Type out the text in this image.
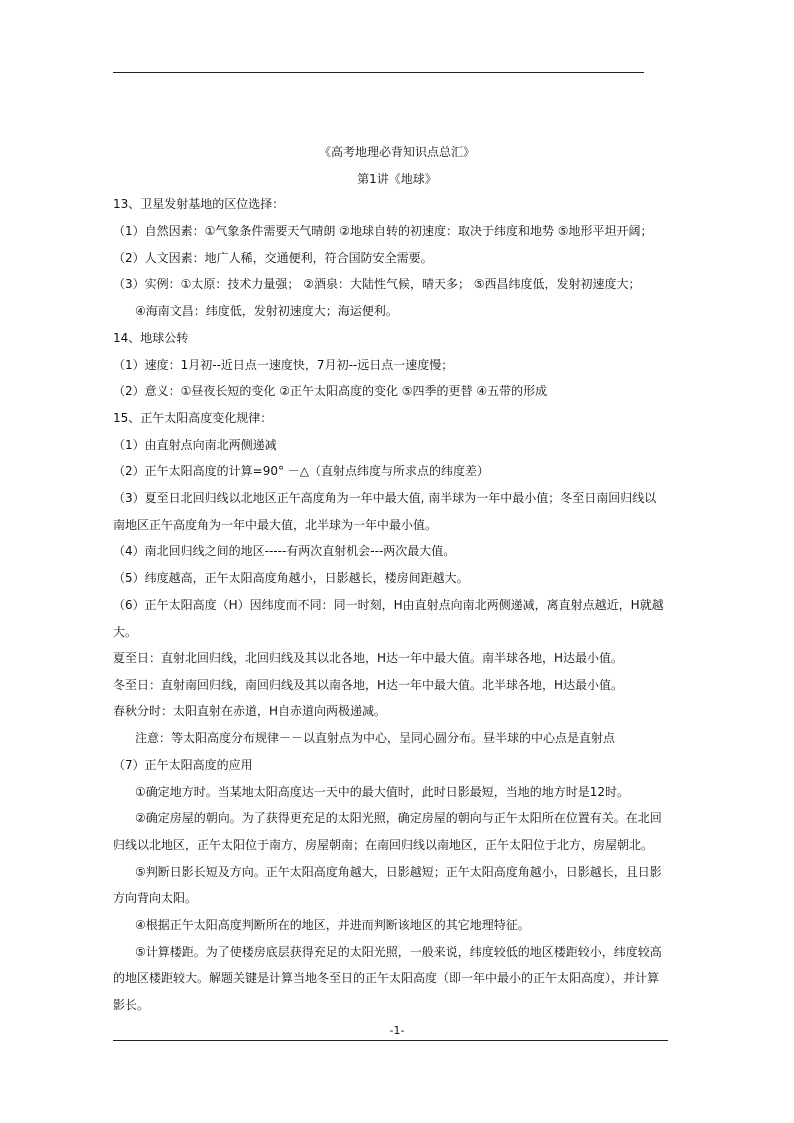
《高考地理必背知识点总汇》
第1讲《地球》
13、卫星发射基地的区位选择：
（1）自然因素：①气象条件需要天气晴朗 ②地球自转的初速度：取决于纬度和地势 ⑤地形平坦开阔；
（2）人文因素：地广人稀，交通便利，符合国防安全需要。
（3）实例：①太原：技术力量强； ②酒泉：大陆性气候，晴天多； ⑤西昌纬度低，发射初速度大；
④海南文昌：纬度低，发射初速度大；海运便利。
14、地球公转
（1）速度：1月初--近日点一速度快，7月初--远日点一速度慢；
（2）意义：①昼夜长短的变化 ②正午太阳高度的变化 ⑤四季的更替 ④五带的形成
15、正午太阳高度变化规律：
（1）由直射点向南北两侧递减
（2）正午太阳高度的计算=90° －△（直射点纬度与所求点的纬度差）
（3）夏至日北回归线以北地区正午高度角为一年中最大值, 南半球为一年中最小值；冬至日南回归线以
南地区正午高度角为一年中最大值，北半球为一年中最小值。
（4）南北回归线之间的地区-----有两次直射机会---两次最大值。
（5）纬度越高，正午太阳高度角越小，日影越长，楼房间距越大。
（6）正午太阳高度（H）因纬度而不同：同一时刻，H由直射点向南北两侧递减，离直射点越近，H就越
大。
夏至日：直射北回归线，北回归线及其以北各地，H达一年中最大值。南半球各地，H达最小值。
冬至日：直射南回归线，南回归线及其以南各地，H达一年中最大值。北半球各地，H达最小值。
春秋分时：太阳直射在赤道，H自赤道向两极递减。
注意：等太阳高度分布规律－－以直射点为中心，呈同心圆分布。昼半球的中心点是直射点
（7）正午太阳高度的应用
①确定地方时。当某地太阳高度达一天中的最大值时，此时日影最短，当地的地方时是12时。
②确定房屋的朝向。为了获得更充足的太阳光照，确定房屋的朝向与正午太阳所在位置有关。在北回
归线以北地区，正午太阳位于南方，房屋朝南；在南回归线以南地区，正午太阳位于北方，房屋朝北。
⑤判断日影长短及方向。正午太阳高度角越大，日影越短；正午太阳高度角越小，日影越长，且日影
方向背向太阳。
④根据正午太阳高度判断所在的地区，并进而判断该地区的其它地理特征。
⑤计算楼距。为了使楼房底层获得充足的太阳光照，一般来说，纬度较低的地区楼距较小，纬度较高
的地区楼距较大。解题关键是计算当地冬至日的正午太阳高度（即一年中最小的正午太阳高度），并计算
影长。
-1-
